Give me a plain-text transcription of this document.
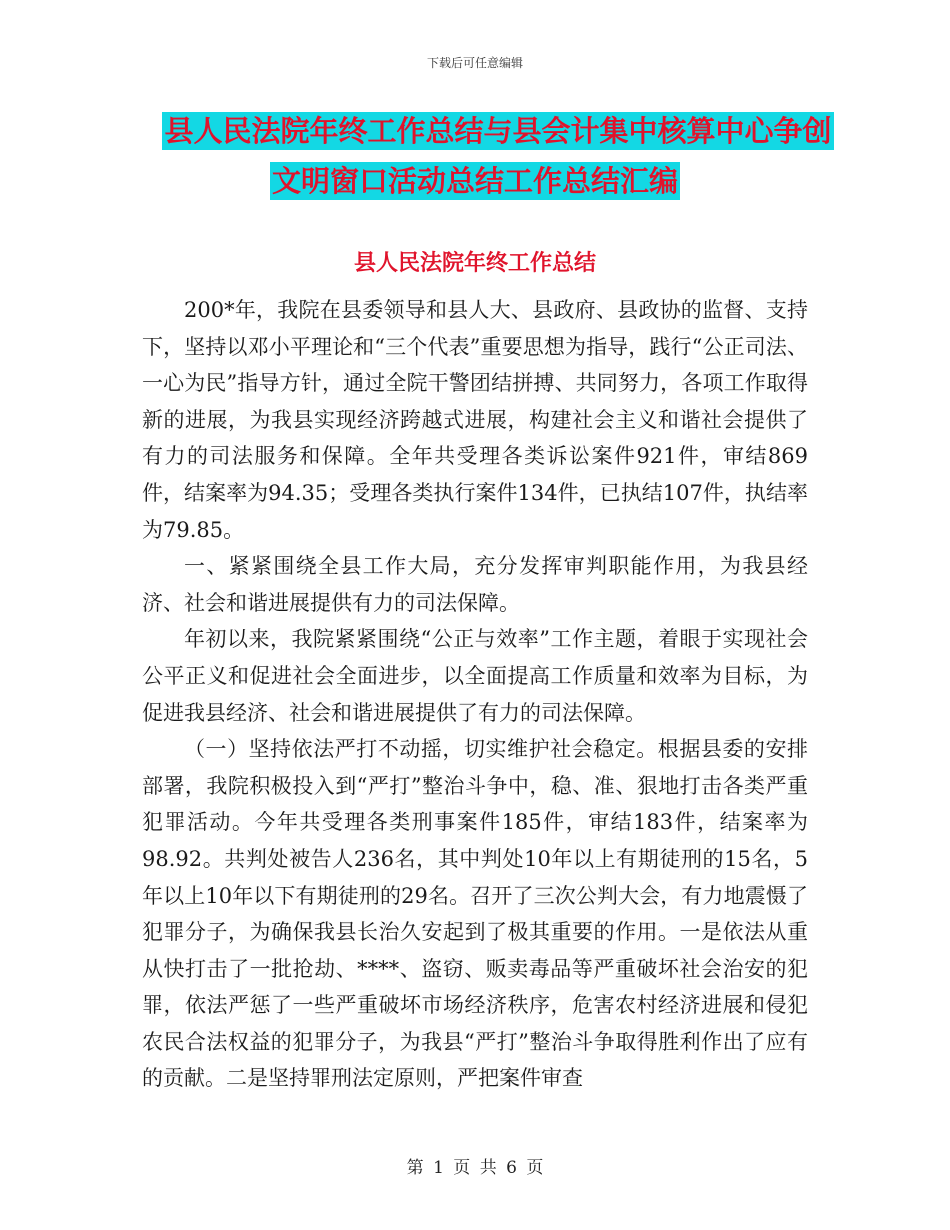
下载后可任意编辑
县人民法院年终工作总结与县会计集中核算中心争创
文明窗口活动总结工作总结汇编
县人民法院年终工作总结

200*年，我院在县委领导和县人大、县政府、县政协的监督、支持下，坚持以邓小平理论和“三个代表”重要思想为指导，践行“公正司法、一心为民”指导方针，通过全院干警团结拼搏、共同努力，各项工作取得新的进展，为我县实现经济跨越式进展，构建社会主义和谐社会提供了有力的司法服务和保障。全年共受理各类诉讼案件921件，审结869件，结案率为94.35；受理各类执行案件134件，已执结107件，执结率为79.85。

一、紧紧围绕全县工作大局，充分发挥审判职能作用，为我县经济、社会和谐进展提供有力的司法保障。

年初以来，我院紧紧围绕“公正与效率”工作主题，着眼于实现社会公平正义和促进社会全面进步，以全面提高工作质量和效率为目标，为促进我县经济、社会和谐进展提供了有力的司法保障。

（一）坚持依法严打不动摇，切实维护社会稳定。根据县委的安排部署，我院积极投入到“严打”整治斗争中，稳、准、狠地打击各类严重犯罪活动。今年共受理各类刑事案件185件，审结183件，结案率为98.92。共判处被告人236名，其中判处10年以上有期徒刑的15名，5年以上10年以下有期徒刑的29名。召开了三次公判大会，有力地震慑了犯罪分子，为确保我县长治久安起到了极其重要的作用。一是依法从重从快打击了一批抢劫、****、盗窃、贩卖毒品等严重破坏社会治安的犯罪，依法严惩了一些严重破坏市场经济秩序，危害农村经济进展和侵犯农民合法权益的犯罪分子，为我县“严打”整治斗争取得胜利作出了应有的贡献。二是坚持罪刑法定原则，严把案件审查

第 1 页 共 6 页
